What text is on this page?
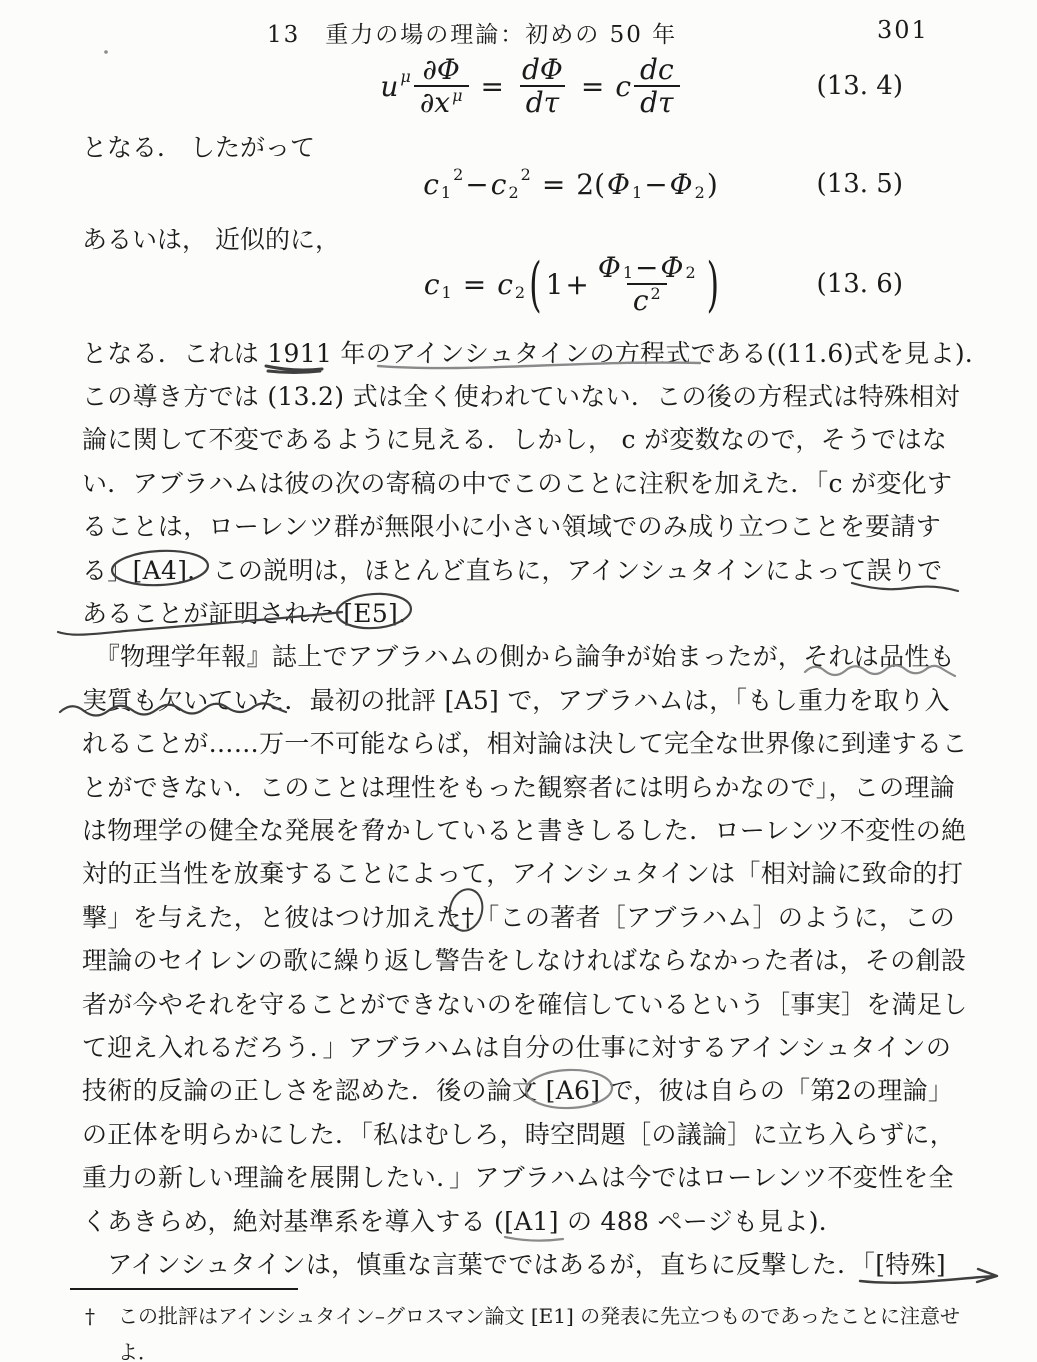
13　重力の場の理論：初めの 50 年	301
u μ $\frac{\partial\Phi}{\text{∂x μ}} = \frac{d\Phi}{d\tau} = c \frac{dc}{d\tau}$	(13. 4)
となる． したがって
c 1
2 − c 2
2 = 2( Φ 1 − Φ 2 )	(13. 5)
あるいは， 近似的に，
c 1 = c 2 ( $1 + \frac{\Phi 1 - \Phi 2}{c 2}$ )	(13. 6)
となる．これは 1911 年のアインシュタインの方程式である((11.6)式を見よ)．
この導き方では (13.2) 式は全く使われていない．この後の方程式は特殊相対
論に関して不変であるように見える．しかし， c が変数なので，そうではな
い．アブラハムは彼の次の寄稿の中でこのことに注釈を加えた．「c が変化す
ることは，ローレンツ群が無限小に小さい領域でのみ成り立つことを要請す
る」[A4]．この説明は，ほとんど直ちに，アインシュタインによって誤りで
あることが証明された [E5]．
　『物理学年報』誌上でアブラハムの側から論争が始まったが，それは品性も
実質も欠いていた．最初の批評 [A5] で，アブラハムは，「もし重力を取り入
れることが……万一不可能ならば，相対論は決して完全な世界像に到達するこ
とができない．このことは理性をもった観察者には明らかなので」，この理論
は物理学の健全な発展を脅かしていると書きしるした．ローレンツ不変性の絶
対的正当性を放棄することによって，アインシュタインは「相対論に致命的打
撃」を与えた，と彼はつけ加えた†「この著者［アブラハム］のように，この
理論のセイレンの歌に繰り返し警告をしなければならなかった者は，その創設
者が今やそれを守ることができないのを確信しているという［事実］を満足し
て迎え入れるだろう．」アブラハムは自分の仕事に対するアインシュタインの
技術的反論の正しさを認めた．後の論文 [A6] で，彼は自らの「第2の理論」
の正体を明らかにした．「私はむしろ，時空問題［の議論］に立ち入らずに，
重力の新しい理論を展開したい．」アブラハムは今ではローレンツ不変性を全
くあきらめ，絶対基準系を導入する ([A1] の 488 ページも見よ)．
　アインシュタインは，慎重な言葉でではあるが，直ちに反撃した．「[特殊]
† この批評はアインシュタイン–グロスマン論文 [E1] の発表に先立つものであったことに注意せ
よ．
